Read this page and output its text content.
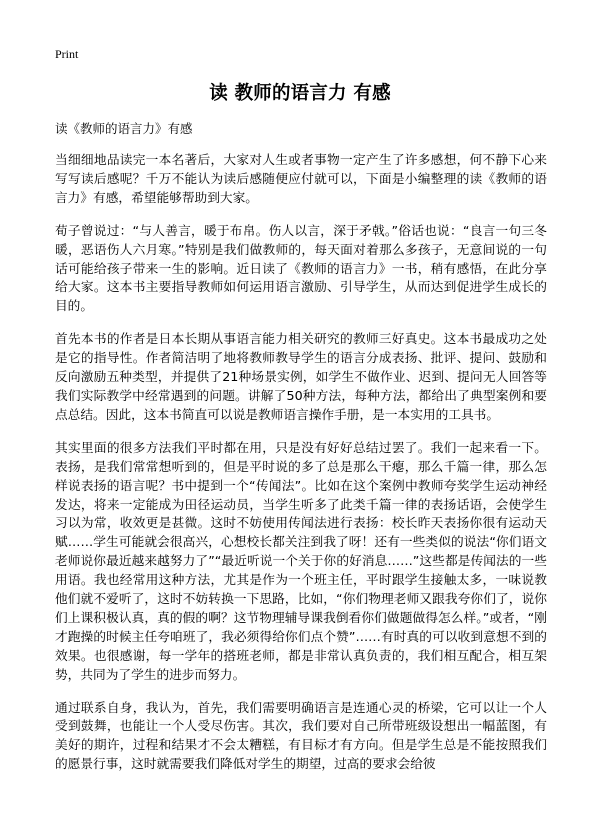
Print
读 教师的语言力 有感

读《教师的语言力》有感

当细细地品读完一本名著后，大家对人生或者事物一定产生了许多感想，何不静下心来写写读后感呢？千万不能认为读后感随便应付就可以，下面是小编整理的读《教师的语言力》有感，希望能够帮助到大家。

荀子曾说过：“与人善言，暖于布帛。伤人以言，深于矛戟。”俗话也说：“良言一句三冬暖，恶语伤人六月寒。”特别是我们做教师的，每天面对着那么多孩子，无意间说的一句话可能给孩子带来一生的影响。近日读了《教师的语言力》一书，稍有感悟，在此分享给大家。这本书主要指导教师如何运用语言激励、引导学生，从而达到促进学生成长的目的。

首先本书的作者是日本长期从事语言能力相关研究的教师三好真史。这本书最成功之处是它的指导性。作者简洁明了地将教师教导学生的语言分成表扬、批评、提问、鼓励和反向激励五种类型，并提供了21种场景实例，如学生不做作业、迟到、提问无人回答等我们实际教学中经常遇到的问题。讲解了50种方法，每种方法，都给出了典型案例和要点总结。因此，这本书简直可以说是教师语言操作手册，是一本实用的工具书。

其实里面的很多方法我们平时都在用，只是没有好好总结过罢了。我们一起来看一下。表扬，是我们常常想听到的，但是平时说的多了总是那么干瘪，那么千篇一律，那么怎样说表扬的语言呢？书中提到一个“传闻法”。比如在这个案例中教师夸奖学生运动神经发达，将来一定能成为田径运动员，当学生听多了此类千篇一律的表扬话语，会使学生习以为常，收效更是甚微。这时不妨使用传闻法进行表扬：校长昨天表扬你很有运动天赋……学生可能就会很高兴，心想校长都关注到我了呀！还有一些类似的说法“你们语文老师说你最近越来越努力了”“最近听说一个关于你的好消息……”这些都是传闻法的一些用语。我也经常用这种方法，尤其是作为一个班主任，平时跟学生接触太多，一味说教他们就不爱听了，这时不妨转换一下思路，比如，“你们物理老师又跟我夸你们了，说你们上课积极认真，真的假的啊？这节物理辅导课我倒看你们做题做得怎么样。”或者，“刚才跑操的时候主任夸咱班了，我必须得给你们点个赞”……有时真的可以收到意想不到的效果。也很感谢，每一学年的搭班老师，都是非常认真负责的，我们相互配合，相互架势，共同为了学生的进步而努力。

通过联系自身，我认为，首先，我们需要明确语言是连通心灵的桥梁，它可以让一个人受到鼓舞，也能让一个人受尽伤害。其次，我们要对自己所带班级设想出一幅蓝图，有美好的期许，过程和结果才不会太糟糕，有目标才有方向。但是学生总是不能按照我们的愿景行事，这时就需要我们降低对学生的期望，过高的要求会给彼
